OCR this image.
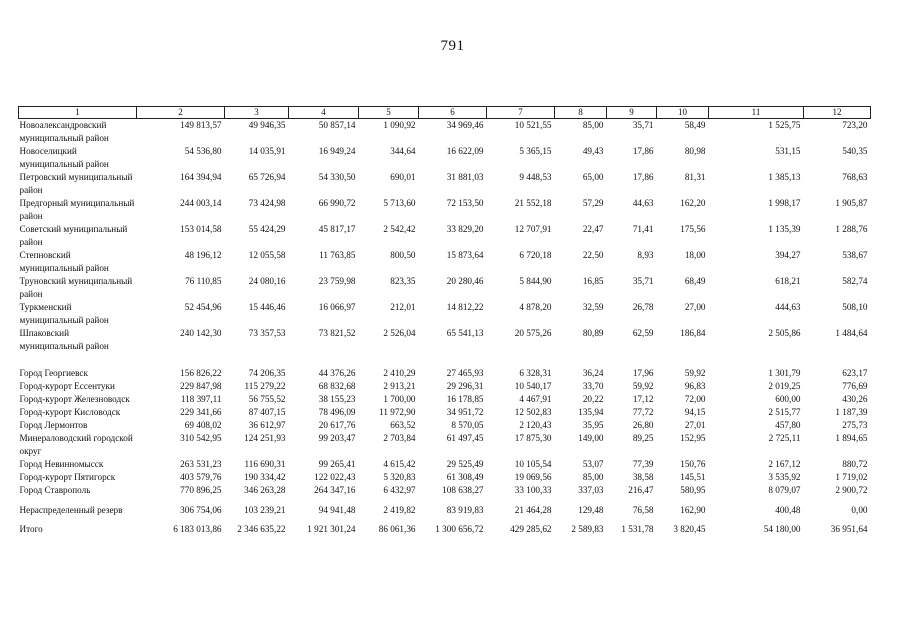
791
1	2	3	4	5	6	7	8	9	10	11	12
Новоалександровский муниципальный район	149 813,57	49 946,35	50 857,14	1 090,92	34 969,46	10 521,55	85,00	35,71	58,49	1 525,75	723,20
Новоселицкий муниципальный район	54 536,80	14 035,91	16 949,24	344,64	16 622,09	5 365,15	49,43	17,86	80,98	531,15	540,35
Петровский муниципальный район	164 394,94	65 726,94	54 330,50	690,01	31 881,03	9 448,53	65,00	17,86	81,31	1 385,13	768,63
Предгорный муниципальный район	244 003,14	73 424,98	66 990,72	5 713,60	72 153,50	21 552,18	57,29	44,63	162,20	1 998,17	1 905,87
Советский муниципальный район	153 014,58	55 424,29	45 817,17	2 542,42	33 829,20	12 707,91	22,47	71,41	175,56	1 135,39	1 288,76
Степновский муниципальный район	48 196,12	12 055,58	11 763,85	800,50	15 873,64	6 720,18	22,50	8,93	18,00	394,27	538,67
Труновский муниципальный район	76 110,85	24 080,16	23 759,98	823,35	20 280,46	5 844,90	16,85	35,71	68,49	618,21	582,74
Туркменский муниципальный район	52 454,96	15 446,46	16 066,97	212,01	14 812,22	4 878,20	32,59	26,78	27,00	444,63	508,10
Шпаковский муниципальный район	240 142,30	73 357,53	73 821,52	2 526,04	65 541,13	20 575,26	80,89	62,59	186,84	2 505,86	1 484,64

Город Георгиевск	156 826,22	74 206,35	44 376,26	2 410,29	27 465,93	6 328,31	36,24	17,96	59,92	1 301,79	623,17
Город-курорт Ессентуки	229 847,98	115 279,22	68 832,68	2 913,21	29 296,31	10 540,17	33,70	59,92	96,83	2 019,25	776,69
Город-курорт Железноводск	118 397,11	56 755,52	38 155,23	1 700,00	16 178,85	4 467,91	20,22	17,12	72,00	600,00	430,26
Город-курорт Кисловодск	229 341,66	87 407,15	78 496,09	11 972,90	34 951,72	12 502,83	135,94	77,72	94,15	2 515,77	1 187,39
Город Лермонтов	69 408,02	36 612,97	20 617,76	663,52	8 570,05	2 120,43	35,95	26,80	27,01	457,80	275,73
Минераловодский городской округ	310 542,95	124 251,93	99 203,47	2 703,84	61 497,45	17 875,30	149,00	89,25	152,95	2 725,11	1 894,65
Город Невинномысск	263 531,23	116 690,31	99 265,41	4 615,42	29 525,49	10 105,54	53,07	77,39	150,76	2 167,12	880,72
Город-курорт Пятигорск	403 579,76	190 334,42	122 022,43	5 320,83	61 308,49	19 069,56	85,00	38,58	145,51	3 535,92	1 719,02
Город Ставрополь	770 896,25	346 263,28	264 347,16	6 432,97	108 638,27	33 100,33	337,03	216,47	580,95	8 079,07	2 900,72
Нераспределенный резерв	306 754,06	103 239,21	94 941,48	2 419,82	83 919,83	21 464,28	129,48	76,58	162,90	400,48	0,00
Итого	6 183 013,86	2 346 635,22	1 921 301,24	86 061,36	1 300 656,72	429 285,62	2 589,83	1 531,78	3 820,45	54 180,00	36 951,64
